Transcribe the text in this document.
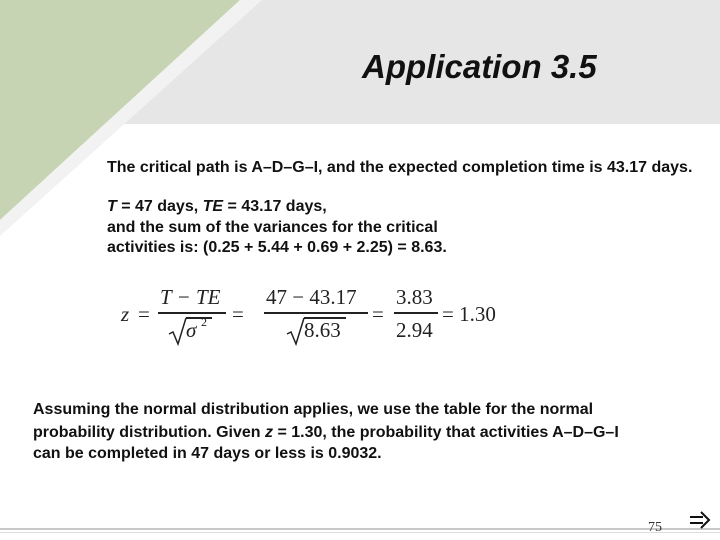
Application 3.5
The critical path is A–D–G–I, and the expected completion time is 43.17 days.
T = 47 days, TE = 43.17 days,
and the sum of the variances for the critical
activities is: (0.25 + 5.44 + 0.69 + 2.25) = 8.63.
z =
T − TE
σ 2 =
47 − 43.17
8.63
=
3.83
2.94
= 1.30
Assuming the normal distribution applies, we use the table for the normal
probability distribution. Given z = 1.30, the probability that activities A–D–G–I
can be completed in 47 days or less is 0.9032.
75
